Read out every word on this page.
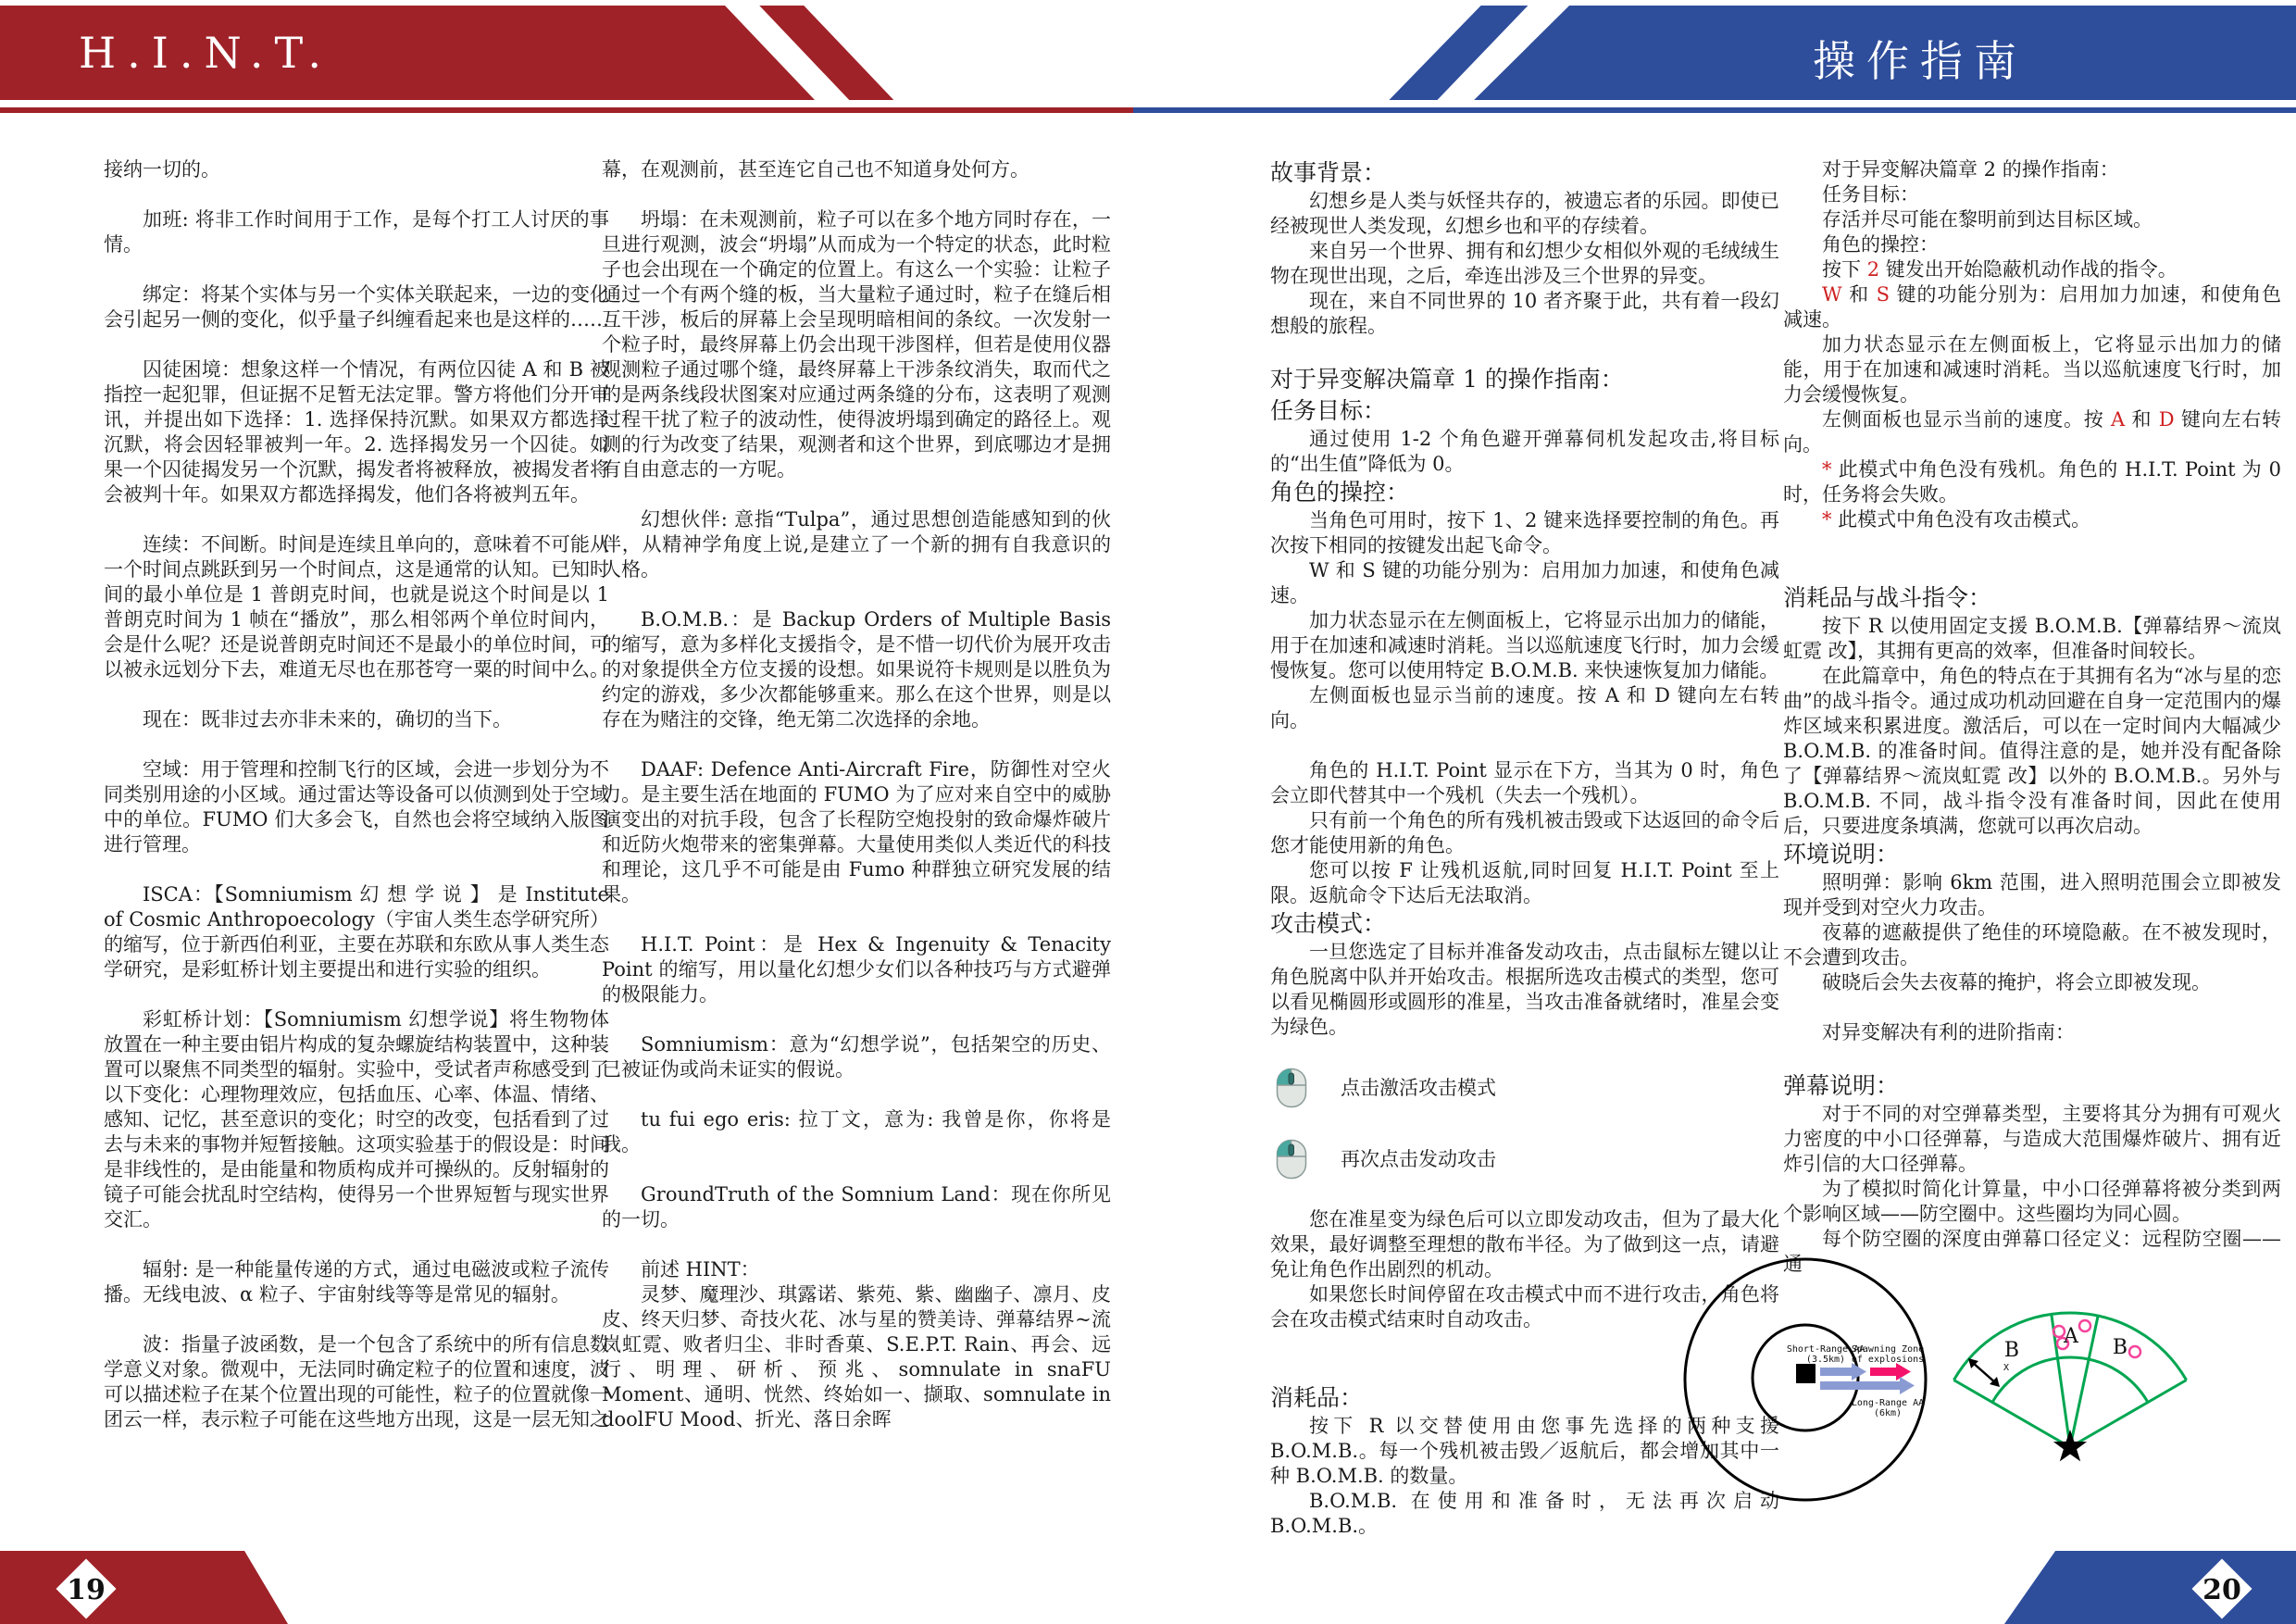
H.I.N.T.	操作指南

接纳一切的。

加班: 将非工作时间用于工作，是每个打工人讨厌的事情。

绑定：将某个实体与另一个实体关联起来，一边的变化会引起另一侧的变化，似乎量子纠缠看起来也是这样的……

囚徒困境：想象这样一个情况，有两位囚徒 A 和 B 被指控一起犯罪，但证据不足暂无法定罪。警方将他们分开审讯，并提出如下选择：1. 选择保持沉默。如果双方都选择沉默，将会因轻罪被判一年。2. 选择揭发另一个囚徒。如果一个囚徒揭发另一个沉默，揭发者将被释放，被揭发者将会被判十年。如果双方都选择揭发，他们各将被判五年。

连续：不间断。时间是连续且单向的，意味着不可能从一个时间点跳跃到另一个时间点，这是通常的认知。已知时间的最小单位是 1 普朗克时间，也就是说这个时间是以 1 普朗克时间为 1 帧在“播放”，那么相邻两个单位时间内，会是什么呢？还是说普朗克时间还不是最小的单位时间，可以被永远划分下去，难道无尽也在那苍穹一粟的时间中么。

现在：既非过去亦非未来的，确切的当下。

空域：用于管理和控制飞行的区域，会进一步划分为不同类别用途的小区域。通过雷达等设备可以侦测到处于空域中的单位。FUMO 们大多会飞，自然也会将空域纳入版图进行管理。

ISCA：【Somniumism 幻 想 学 说 】 是 Institute of Cosmic Anthropoecology（宇宙人类生态学研究所）的缩写，位于新西伯利亚，主要在苏联和东欧从事人类生态学研究，是彩虹桥计划主要提出和进行实验的组织。

彩虹桥计划：【Somniumism 幻想学说】将生物物体放置在一种主要由铝片构成的复杂螺旋结构装置中，这种装置可以聚焦不同类型的辐射。实验中，受试者声称感受到了以下变化：心理物理效应，包括血压、心率、体温、情绪、感知、记忆，甚至意识的变化；时空的改变，包括看到了过去与未来的事物并短暂接触。这项实验基于的假设是：时间是非线性的，是由能量和物质构成并可操纵的。反射辐射的镜子可能会扰乱时空结构，使得另一个世界短暂与现实世界交汇。

辐射: 是一种能量传递的方式，通过电磁波或粒子流传播。无线电波、α 粒子、宇宙射线等等是常见的辐射。

波：指量子波函数，是一个包含了系统中的所有信息数学意义对象。微观中，无法同时确定粒子的位置和速度，波可以描述粒子在某个位置出现的可能性，粒子的位置就像一团云一样，表示粒子可能在这些地方出现，这是一层无知之

幕，在观测前，甚至连它自己也不知道身处何方。

坍塌：在未观测前，粒子可以在多个地方同时存在，一旦进行观测，波会“坍塌”从而成为一个特定的状态，此时粒子也会出现在一个确定的位置上。有这么一个实验：让粒子通过一个有两个缝的板，当大量粒子通过时，粒子在缝后相互干涉，板后的屏幕上会呈现明暗相间的条纹。一次发射一个粒子时，最终屏幕上仍会出现干涉图样，但若是使用仪器观测粒子通过哪个缝，最终屏幕上干涉条纹消失，取而代之的是两条线段状图案对应通过两条缝的分布，这表明了观测过程干扰了粒子的波动性，使得波坍塌到确定的路径上。观测的行为改变了结果，观测者和这个世界，到底哪边才是拥有自由意志的一方呢。

幻想伙伴: 意指“Tulpa”，通过思想创造能感知到的伙伴，从精神学角度上说,是建立了一个新的拥有自我意识的人格。

B.O.M.B.：是 Backup Orders of Multiple Basis 的缩写，意为多样化支援指令，是不惜一切代价为展开攻击的对象提供全方位支援的设想。如果说符卡规则是以胜负为约定的游戏，多少次都能够重来。那么在这个世界，则是以存在为赌注的交锋，绝无第二次选择的余地。

DAAF: Defence Anti-Aircraft Fire，防御性对空火力。是主要生活在地面的 FUMO 为了应对来自空中的威胁演变出的对抗手段，包含了长程防空炮投射的致命爆炸破片和近防火炮带来的密集弹幕。大量使用类似人类近代的科技和理论，这几乎不可能是由 Fumo 种群独立研究发展的结果。

H.I.T. Point：是 Hex & Ingenuity & Tenacity Point 的缩写，用以量化幻想少女们以各种技巧与方式避弹的极限能力。

Somniumism：意为“幻想学说”，包括架空的历史、已被证伪或尚未证实的假说。

tu fui ego eris: 拉丁文，意为: 我曾是你，你将是我。

GroundTruth of the Somnium Land：现在你所见的一切。

前述 HINT：

灵梦、魔理沙、琪露诺、紫苑、紫、幽幽子、凛月、皮皮、终天归梦、奇技火花、冰与星的赞美诗、弹幕结界~流岚虹霓、败者归尘、非时香菓、S.E.P.T. Rain、再会、远行、明理、研析、预兆、somnulate in snaFU Moment、通明、恍然、终始如一、撷取、somnulate in doolFU Mood、折光、落日余晖

故事背景：

幻想乡是人类与妖怪共存的，被遗忘者的乐园。即使已经被现世人类发现，幻想乡也和平的存续着。

来自另一个世界、拥有和幻想少女相似外观的毛绒绒生物在现世出现，之后，牵连出涉及三个世界的异变。

现在，来自不同世界的 10 者齐聚于此，共有着一段幻想般的旅程。

对于异变解决篇章 1 的操作指南：

任务目标：

通过使用 1-2 个角色避开弹幕伺机发起攻击,将目标的“出生值”降低为 0。

角色的操控：

当角色可用时，按下 1、2 键来选择要控制的角色。再次按下相同的按键发出起飞命令。

W 和 S 键的功能分别为：启用加力加速，和使角色减速。

加力状态显示在左侧面板上，它将显示出加力的储能，用于在加速和减速时消耗。当以巡航速度飞行时，加力会缓慢恢复。您可以使用特定 B.O.M.B. 来快速恢复加力储能。

左侧面板也显示当前的速度。按 A 和 D 键向左右转向。

角色的 H.I.T. Point 显示在下方，当其为 0 时，角色会立即代替其中一个残机（失去一个残机）。

只有前一个角色的所有残机被击毁或下达返回的命令后您才能使用新的角色。

您可以按 F 让残机返航,同时回复 H.I.T. Point 至上限。返航命令下达后无法取消。

攻击模式：

一旦您选定了目标并准备发动攻击，点击鼠标左键以让角色脱离中队并开始攻击。根据所选攻击模式的类型，您可以看见椭圆形或圆形的准星，当攻击准备就绪时，准星会变为绿色。

点击激活攻击模式
再次点击发动攻击

您在准星变为绿色后可以立即发动攻击，但为了最大化效果，最好调整至理想的散布半径。为了做到这一点，请避免让角色作出剧烈的机动。

如果您长时间停留在攻击模式中而不进行攻击，角色将会在攻击模式结束时自动攻击。

消耗品：

按下 R 以交替使用由您事先选择的两种支援 B.O.M.B.。每一个残机被击毁／返航后，都会增加其中一种 B.O.M.B. 的数量。

B.O.M.B. 在使用和准备时，无法再次启动 B.O.M.B.。

对于异变解决篇章 2 的操作指南：

任务目标：

存活并尽可能在黎明前到达目标区域。

角色的操控：

按下 2 键发出开始隐蔽机动作战的指令。

W 和 S 键的功能分别为：启用加力加速，和使角色减速。

加力状态显示在左侧面板上，它将显示出加力的储能，用于在加速和减速时消耗。当以巡航速度飞行时，加力会缓慢恢复。

左侧面板也显示当前的速度。按 A 和 D 键向左右转向。

* 此模式中角色没有残机。角色的 H.I.T. Point 为 0 时，任务将会失败。

* 此模式中角色没有攻击模式。

消耗品与战斗指令：

按下 R 以使用固定支援 B.O.M.B.【弹幕结界～流岚虹霓 改】，其拥有更高的效率，但准备时间较长。

在此篇章中，角色的特点在于其拥有名为“冰与星的恋曲”的战斗指令。通过成功机动回避在自身一定范围内的爆炸区域来积累进度。激活后，可以在一定时间内大幅减少 B.O.M.B. 的准备时间。值得注意的是，她并没有配备除了【弹幕结界～流岚虹霓 改】以外的 B.O.M.B.。另外与 B.O.M.B. 不同，战斗指令没有准备时间，因此在使用后，只要进度条填满，您就可以再次启动。

环境说明：

照明弹：影响 6km 范围，进入照明范围会立即被发现并受到对空火力攻击。

夜幕的遮蔽提供了绝佳的环境隐蔽。在不被发现时，不会遭到攻击。

破晓后会失去夜幕的掩护，将会立即被发现。

对异变解决有利的进阶指南：

弹幕说明：

对于不同的对空弹幕类型，主要将其分为拥有可观火力密度的中小口径弹幕，与造成大范围爆炸破片、拥有近炸引信的大口径弹幕。

为了模拟时简化计算量，中小口径弹幕将被分类到两个影响区域——防空圈中。这些圈均为同心圆。

每个防空圈的深度由弹幕口径定义：远程防空圈——通

Short-Range AA
(3.5km)
Spawning Zone
of explosions
Long-Range AA
(6km)
X
B
A B
19	20
